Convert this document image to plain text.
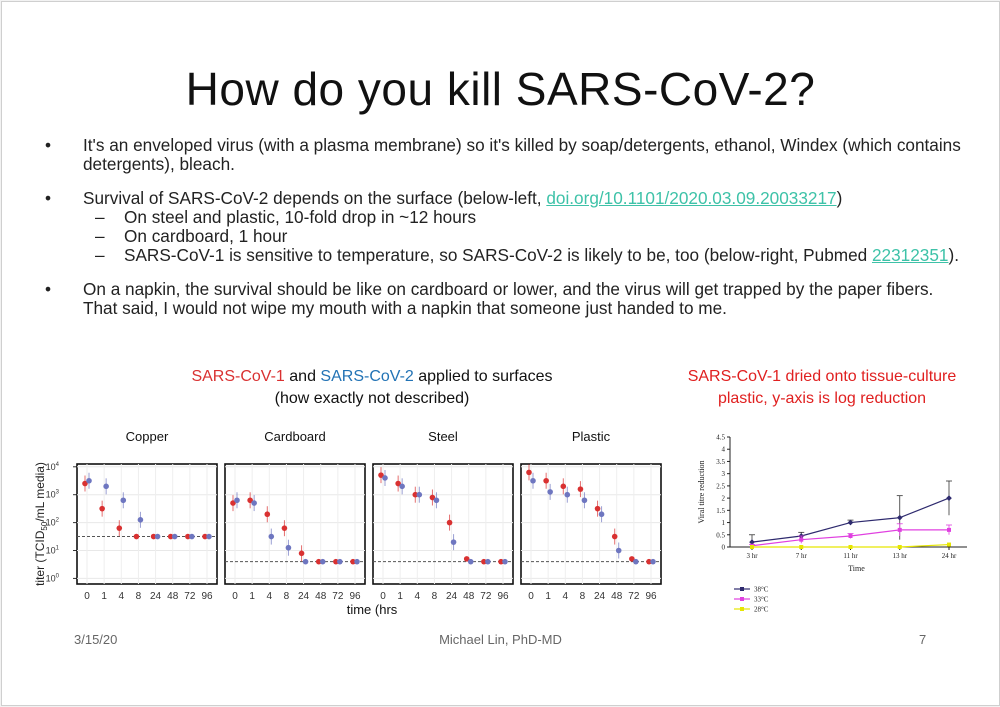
How do you kill SARS-CoV-2?
• It's an enveloped virus (with a plasma membrane) so it's killed by soap/detergents, ethanol, Windex (which contains detergents), bleach.
• Survival of SARS-CoV-2 depends on the surface (below-left, doi.org/10.1101/2020.03.09.20033217)
– On steel and plastic, 10-fold drop in ~12 hours
– On cardboard, 1 hour
– SARS-CoV-1 is sensitive to temperature, so SARS-CoV-2 is likely to be, too (below-right, Pubmed 22312351).
• On a napkin, the survival should be like on cardboard or lower, and the virus will get trapped by the paper fibers. That said, I would not wipe my mouth with a napkin that someone just handed to me.
SARS-CoV-1 and SARS-CoV-2 applied to surfaces
(how exactly not described)
SARS-CoV-1 dried onto tissue-culture
plastic, y-axis is log reduction
titer ($TCID_{50}/mL$ media)
$10^0$
$10^1$
$10^2$
$10^3$
$10^4$
Copper
0 1 4 8 24 48 72 96
Cardboard
0 1 4 8 24 48 72 96
Steel
0 1 4 8 24 48 72 96
Plastic
0 1 4 8 24 48 72 96
time (hrs
0
0.5
1
1.5
2
2.5
3
3.5
4
4.5
Viral titre reduction
3 hr	7 hr	11 hr	13 hr	24 hr
Time
38°C
33°C
28°C
3/15/20	Michael Lin, PhD-MD	7
